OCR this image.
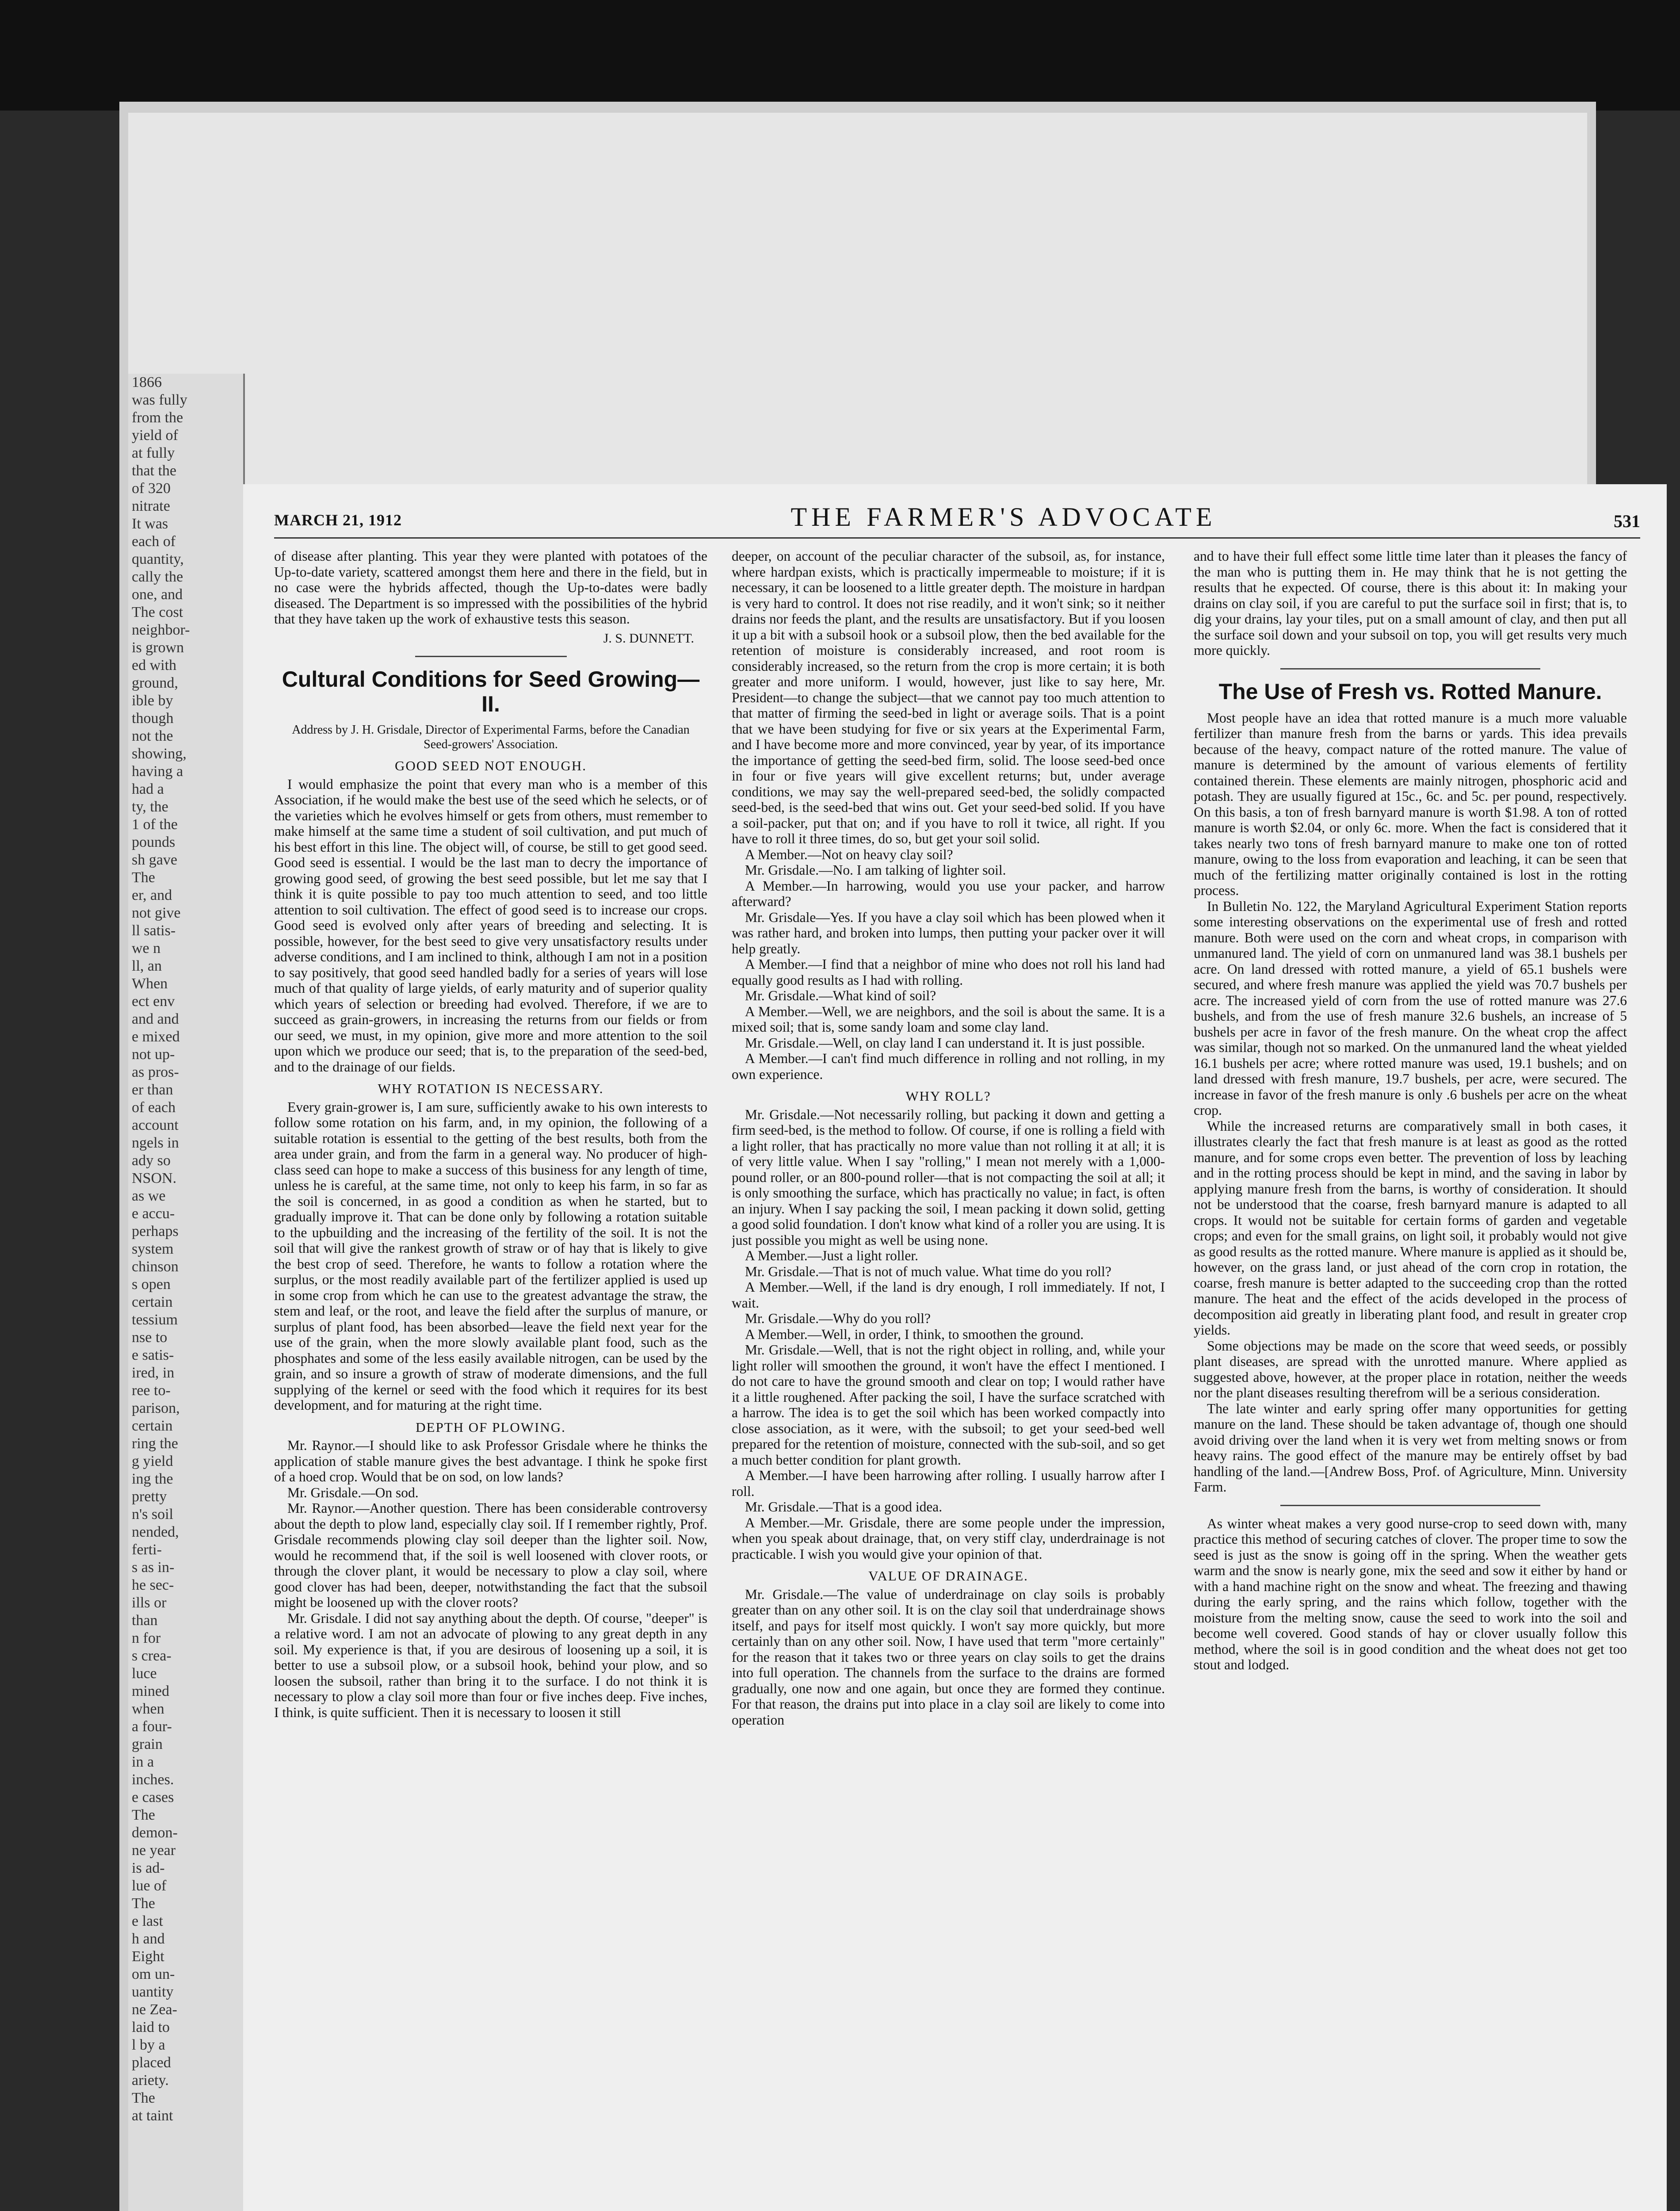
1866
was fully
from the
yield of
at fully
that the
of 320
nitrate
It was
each of
quantity,
cally the
one, and
The cost
neighbor-
is grown
ed with
ground,
ible by
though
not the
showing,
having a
had a
ty, the
1 of the
pounds
sh gave
The
er, and
not give
ll satis-
we n
ll, an
When
ect env
and and
e mixed
not up-
as pros-
er than
of each
account
ngels in
ady so
NSON.
as we
e accu-
perhaps
system
chinson
s open
certain
tessium
nse to
e satis-
ired, in
ree to-
parison,
certain
ring the
g yield
ing the
pretty
n's soil
nended,
ferti-
s as in-
he sec-
ills or
than
n for
s crea-
luce
mined
when
a four-
grain
in a
inches.
e cases
The
demon-
ne year
is ad-
lue of
The
e last
h and
Eight
om un-
uantity
ne Zea-
laid to
l by a
placed
ariety.
The
at taint
MARCH 21, 1912	THE FARMER'S ADVOCATE	531

of disease after planting. This year they were planted with potatoes of the Up-to-date variety, scattered amongst them here and there in the field, but in no case were the hybrids affected, though the Up-to-dates were badly diseased. The Department is so impressed with the possibilities of the hybrid that they have taken up the work of exhaustive tests this season.

J. S. DUNNETT.
Cultural Conditions for Seed Growing—II.
Address by J. H. Grisdale, Director of Experimental Farms, before the Canadian Seed-growers' Association.
GOOD SEED NOT ENOUGH.

I would emphasize the point that every man who is a member of this Association, if he would make the best use of the seed which he selects, or of the varieties which he evolves himself or gets from others, must remember to make himself at the same time a student of soil cultivation, and put much of his best effort in this line. The object will, of course, be still to get good seed. Good seed is essential. I would be the last man to decry the importance of growing good seed, of growing the best seed possible, but let me say that I think it is quite possible to pay too much attention to seed, and too little attention to soil cultivation. The effect of good seed is to increase our crops. Good seed is evolved only after years of breeding and selecting. It is possible, however, for the best seed to give very unsatisfactory results under adverse conditions, and I am inclined to think, although I am not in a position to say positively, that good seed handled badly for a series of years will lose much of that quality of large yields, of early maturity and of superior quality which years of selection or breeding had evolved. Therefore, if we are to succeed as grain-growers, in increasing the returns from our fields or from our seed, we must, in my opinion, give more and more attention to the soil upon which we produce our seed; that is, to the preparation of the seed-bed, and to the drainage of our fields.

WHY ROTATION IS NECESSARY.

Every grain-grower is, I am sure, sufficiently awake to his own interests to follow some rotation on his farm, and, in my opinion, the following of a suitable rotation is essential to the getting of the best results, both from the area under grain, and from the farm in a general way. No producer of high-class seed can hope to make a success of this business for any length of time, unless he is careful, at the same time, not only to keep his farm, in so far as the soil is concerned, in as good a condition as when he started, but to gradually improve it. That can be done only by following a rotation suitable to the upbuilding and the increasing of the fertility of the soil. It is not the soil that will give the rankest growth of straw or of hay that is likely to give the best crop of seed. Therefore, he wants to follow a rotation where the surplus, or the most readily available part of the fertilizer applied is used up in some crop from which he can use to the greatest advantage the straw, the stem and leaf, or the root, and leave the field after the surplus of manure, or surplus of plant food, has been absorbed—leave the field next year for the use of the grain, when the more slowly available plant food, such as the phosphates and some of the less easily available nitrogen, can be used by the grain, and so insure a growth of straw of moderate dimensions, and the full supplying of the kernel or seed with the food which it requires for its best development, and for maturing at the right time.

DEPTH OF PLOWING.

Mr. Raynor.—I should like to ask Professor Grisdale where he thinks the application of stable manure gives the best advantage. I think he spoke first of a hoed crop. Would that be on sod, on low lands?

Mr. Grisdale.—On sod.

Mr. Raynor.—Another question. There has been considerable controversy about the depth to plow land, especially clay soil. If I remember rightly, Prof. Grisdale recommends plowing clay soil deeper than the lighter soil. Now, would he recommend that, if the soil is well loosened with clover roots, or through the clover plant, it would be necessary to plow a clay soil, where good clover has had been, deeper, notwithstanding the fact that the subsoil might be loosened up with the clover roots?

Mr. Grisdale. I did not say anything about the depth. Of course, "deeper" is a relative word. I am not an advocate of plowing to any great depth in any soil. My experience is that, if you are desirous of loosening up a soil, it is better to use a subsoil plow, or a subsoil hook, behind your plow, and so loosen the subsoil, rather than bring it to the surface. I do not think it is necessary to plow a clay soil more than four or five inches deep. Five inches, I think, is quite sufficient. Then it is necessary to loosen it still

deeper, on account of the peculiar character of the subsoil, as, for instance, where hardpan exists, which is practically impermeable to moisture; if it is necessary, it can be loosened to a little greater depth. The moisture in hardpan is very hard to control. It does not rise readily, and it won't sink; so it neither drains nor feeds the plant, and the results are unsatisfactory. But if you loosen it up a bit with a subsoil hook or a subsoil plow, then the bed available for the retention of moisture is considerably increased, and root room is considerably increased, so the return from the crop is more certain; it is both greater and more uniform. I would, however, just like to say here, Mr. President—to change the subject—that we cannot pay too much attention to that matter of firming the seed-bed in light or average soils. That is a point that we have been studying for five or six years at the Experimental Farm, and I have become more and more convinced, year by year, of its importance the importance of getting the seed-bed firm, solid. The loose seed-bed once in four or five years will give excellent returns; but, under average conditions, we may say the well-prepared seed-bed, the solidly compacted seed-bed, is the seed-bed that wins out. Get your seed-bed solid. If you have a soil-packer, put that on; and if you have to roll it twice, all right. If you have to roll it three times, do so, but get your soil solid.

A Member.—Not on heavy clay soil?

Mr. Grisdale.—No. I am talking of lighter soil.

A Member.—In harrowing, would you use your packer, and harrow afterward?

Mr. Grisdale—Yes. If you have a clay soil which has been plowed when it was rather hard, and broken into lumps, then putting your packer over it will help greatly.

A Member.—I find that a neighbor of mine who does not roll his land had equally good results as I had with rolling.

Mr. Grisdale.—What kind of soil?

A Member.—Well, we are neighbors, and the soil is about the same. It is a mixed soil; that is, some sandy loam and some clay land.

Mr. Grisdale.—Well, on clay land I can understand it. It is just possible.

A Member.—I can't find much difference in rolling and not rolling, in my own experience.

WHY ROLL?

Mr. Grisdale.—Not necessarily rolling, but packing it down and getting a firm seed-bed, is the method to follow. Of course, if one is rolling a field with a light roller, that has practically no more value than not rolling it at all; it is of very little value. When I say "rolling," I mean not merely with a 1,000-pound roller, or an 800-pound roller—that is not compacting the soil at all; it is only smoothing the surface, which has practically no value; in fact, is often an injury. When I say packing the soil, I mean packing it down solid, getting a good solid foundation. I don't know what kind of a roller you are using. It is just possible you might as well be using none.

A Member.—Just a light roller.

Mr. Grisdale.—That is not of much value. What time do you roll?

A Member.—Well, if the land is dry enough, I roll immediately. If not, I wait.

Mr. Grisdale.—Why do you roll?

A Member.—Well, in order, I think, to smoothen the ground.

Mr. Grisdale.—Well, that is not the right object in rolling, and, while your light roller will smoothen the ground, it won't have the effect I mentioned. I do not care to have the ground smooth and clear on top; I would rather have it a little roughened. After packing the soil, I have the surface scratched with a harrow. The idea is to get the soil which has been worked compactly into close association, as it were, with the subsoil; to get your seed-bed well prepared for the retention of moisture, connected with the sub-soil, and so get a much better condition for plant growth.

A Member.—I have been harrowing after rolling. I usually harrow after I roll.

Mr. Grisdale.—That is a good idea.

A Member.—Mr. Grisdale, there are some people under the impression, when you speak about drainage, that, on very stiff clay, underdrainage is not practicable. I wish you would give your opinion of that.

VALUE OF DRAINAGE.

Mr. Grisdale.—The value of underdrainage on clay soils is probably greater than on any other soil. It is on the clay soil that underdrainage shows itself, and pays for itself most quickly. I won't say more quickly, but more certainly than on any other soil. Now, I have used that term "more certainly" for the reason that it takes two or three years on clay soils to get the drains into full operation. The channels from the surface to the drains are formed gradually, one now and one again, but once they are formed they continue. For that reason, the drains put into place in a clay soil are likely to come into operation

and to have their full effect some little time later than it pleases the fancy of the man who is putting them in. He may think that he is not getting the results that he expected. Of course, there is this about it: In making your drains on clay soil, if you are careful to put the surface soil in first; that is, to dig your drains, lay your tiles, put on a small amount of clay, and then put all the surface soil down and your subsoil on top, you will get results very much more quickly.

The Use of Fresh vs. Rotted Manure.

Most people have an idea that rotted manure is a much more valuable fertilizer than manure fresh from the barns or yards. This idea prevails because of the heavy, compact nature of the rotted manure. The value of manure is determined by the amount of various elements of fertility contained therein. These elements are mainly nitrogen, phosphoric acid and potash. They are usually figured at 15c., 6c. and 5c. per pound, respectively. On this basis, a ton of fresh barnyard manure is worth $1.98. A ton of rotted manure is worth $2.04, or only 6c. more. When the fact is considered that it takes nearly two tons of fresh barnyard manure to make one ton of rotted manure, owing to the loss from evaporation and leaching, it can be seen that much of the fertilizing matter originally contained is lost in the rotting process.

In Bulletin No. 122, the Maryland Agricultural Experiment Station reports some interesting observations on the experimental use of fresh and rotted manure. Both were used on the corn and wheat crops, in comparison with unmanured land. The yield of corn on unmanured land was 38.1 bushels per acre. On land dressed with rotted manure, a yield of 65.1 bushels were secured, and where fresh manure was applied the yield was 70.7 bushels per acre. The increased yield of corn from the use of rotted manure was 27.6 bushels, and from the use of fresh manure 32.6 bushels, an increase of 5 bushels per acre in favor of the fresh manure. On the wheat crop the affect was similar, though not so marked. On the unmanured land the wheat yielded 16.1 bushels per acre; where rotted manure was used, 19.1 bushels; and on land dressed with fresh manure, 19.7 bushels, per acre, were secured. The increase in favor of the fresh manure is only .6 bushels per acre on the wheat crop.

While the increased returns are comparatively small in both cases, it illustrates clearly the fact that fresh manure is at least as good as the rotted manure, and for some crops even better. The prevention of loss by leaching and in the rotting process should be kept in mind, and the saving in labor by applying manure fresh from the barns, is worthy of consideration. It should not be understood that the coarse, fresh barnyard manure is adapted to all crops. It would not be suitable for certain forms of garden and vegetable crops; and even for the small grains, on light soil, it probably would not give as good results as the rotted manure. Where manure is applied as it should be, however, on the grass land, or just ahead of the corn crop in rotation, the coarse, fresh manure is better adapted to the succeeding crop than the rotted manure. The heat and the effect of the acids developed in the process of decomposition aid greatly in liberating plant food, and result in greater crop yields.

Some objections may be made on the score that weed seeds, or possibly plant diseases, are spread with the unrotted manure. Where applied as suggested above, however, at the proper place in rotation, neither the weeds nor the plant diseases resulting therefrom will be a serious consideration.

The late winter and early spring offer many opportunities for getting manure on the land. These should be taken advantage of, though one should avoid driving over the land when it is very wet from melting snows or from heavy rains. The good effect of the manure may be entirely offset by bad handling of the land.—[Andrew Boss, Prof. of Agriculture, Minn. University Farm.

As winter wheat makes a very good nurse-crop to seed down with, many practice this method of securing catches of clover. The proper time to sow the seed is just as the snow is going off in the spring. When the weather gets warm and the snow is nearly gone, mix the seed and sow it either by hand or with a hand machine right on the snow and wheat. The freezing and thawing during the early spring, and the rains which follow, together with the moisture from the melting snow, cause the seed to work into the soil and become well covered. Good stands of hay or clover usually follow this method, where the soil is in good condition and the wheat does not get too stout and lodged.
